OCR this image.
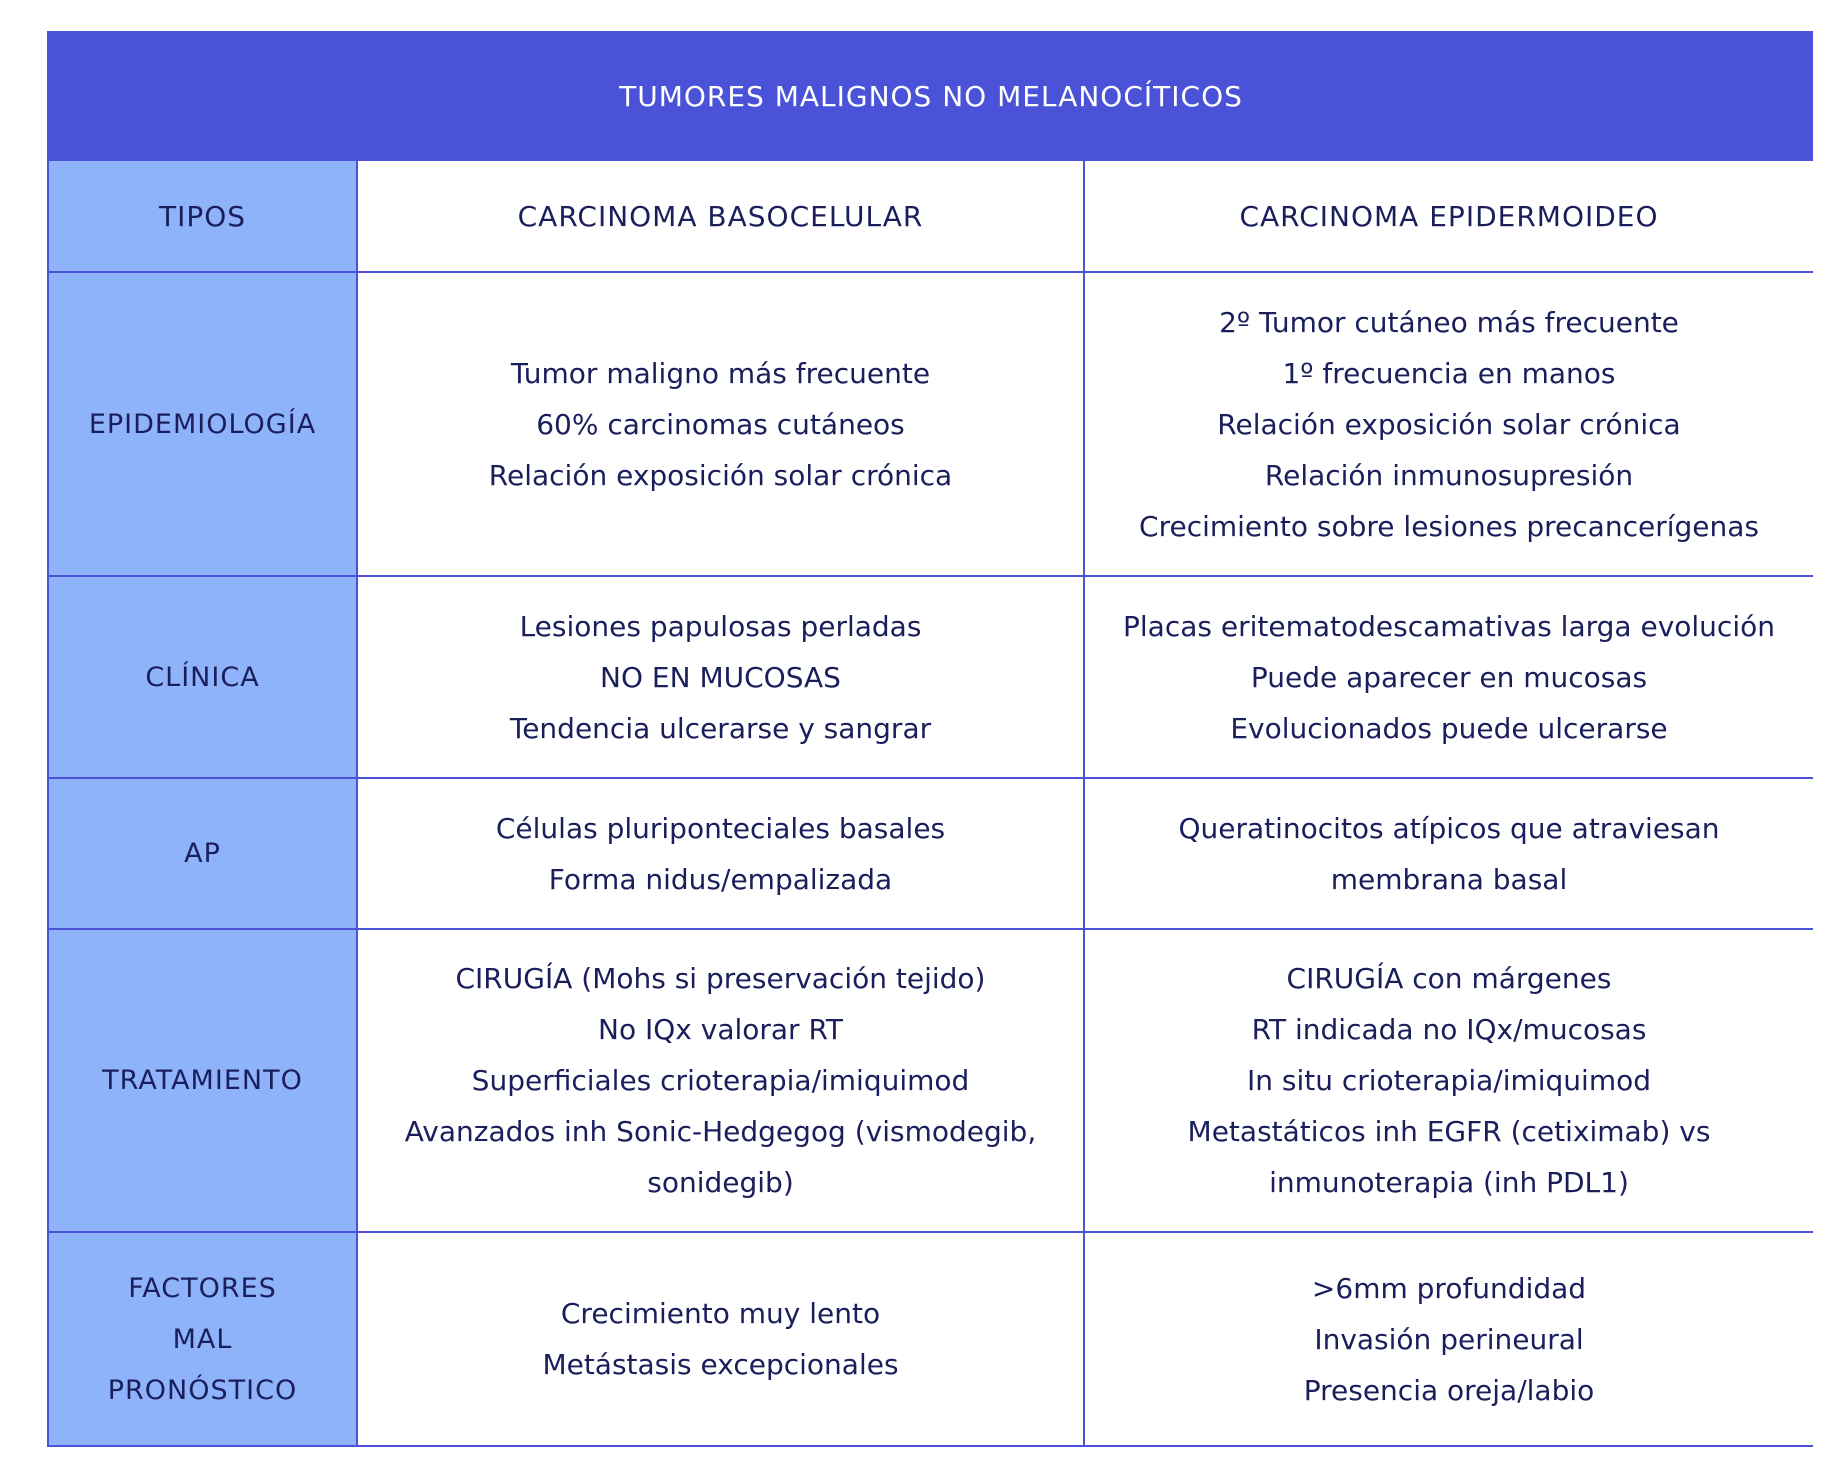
TUMORES MALIGNOS NO MELANOCÍTICOS
TIPOS	CARCINOMA BASOCELULAR	CARCINOMA EPIDERMOIDEO
EPIDEMIOLOGÍA
Tumor maligno más frecuente
60% carcinomas cutáneos
Relación exposición solar crónica
2º Tumor cutáneo más frecuente
1º frecuencia en manos
Relación exposición solar crónica
Relación inmunosupresión
Crecimiento sobre lesiones precancerígenas
CLÍNICA
Lesiones papulosas perladas
NO EN MUCOSAS
Tendencia ulcerarse y sangrar
Placas eritematodescamativas larga evolución
Puede aparecer en mucosas
Evolucionados puede ulcerarse
AP
Células pluriponteciales basales
Forma nidus/empalizada
Queratinocitos atípicos que atraviesan
membrana basal
TRATAMIENTO
CIRUGÍA (Mohs si preservación tejido)
No IQx valorar RT
Superficiales crioterapia/imiquimod
Avanzados inh Sonic-Hedgegog (vismodegib,
sonidegib)
CIRUGÍA con márgenes
RT indicada no IQx/mucosas
In situ crioterapia/imiquimod
Metastáticos inh EGFR (cetiximab) vs
inmunoterapia (inh PDL1)
FACTORES
MAL
PRONÓSTICO
Crecimiento muy lento
Metástasis excepcionales
>6mm profundidad
Invasión perineural
Presencia oreja/labio
